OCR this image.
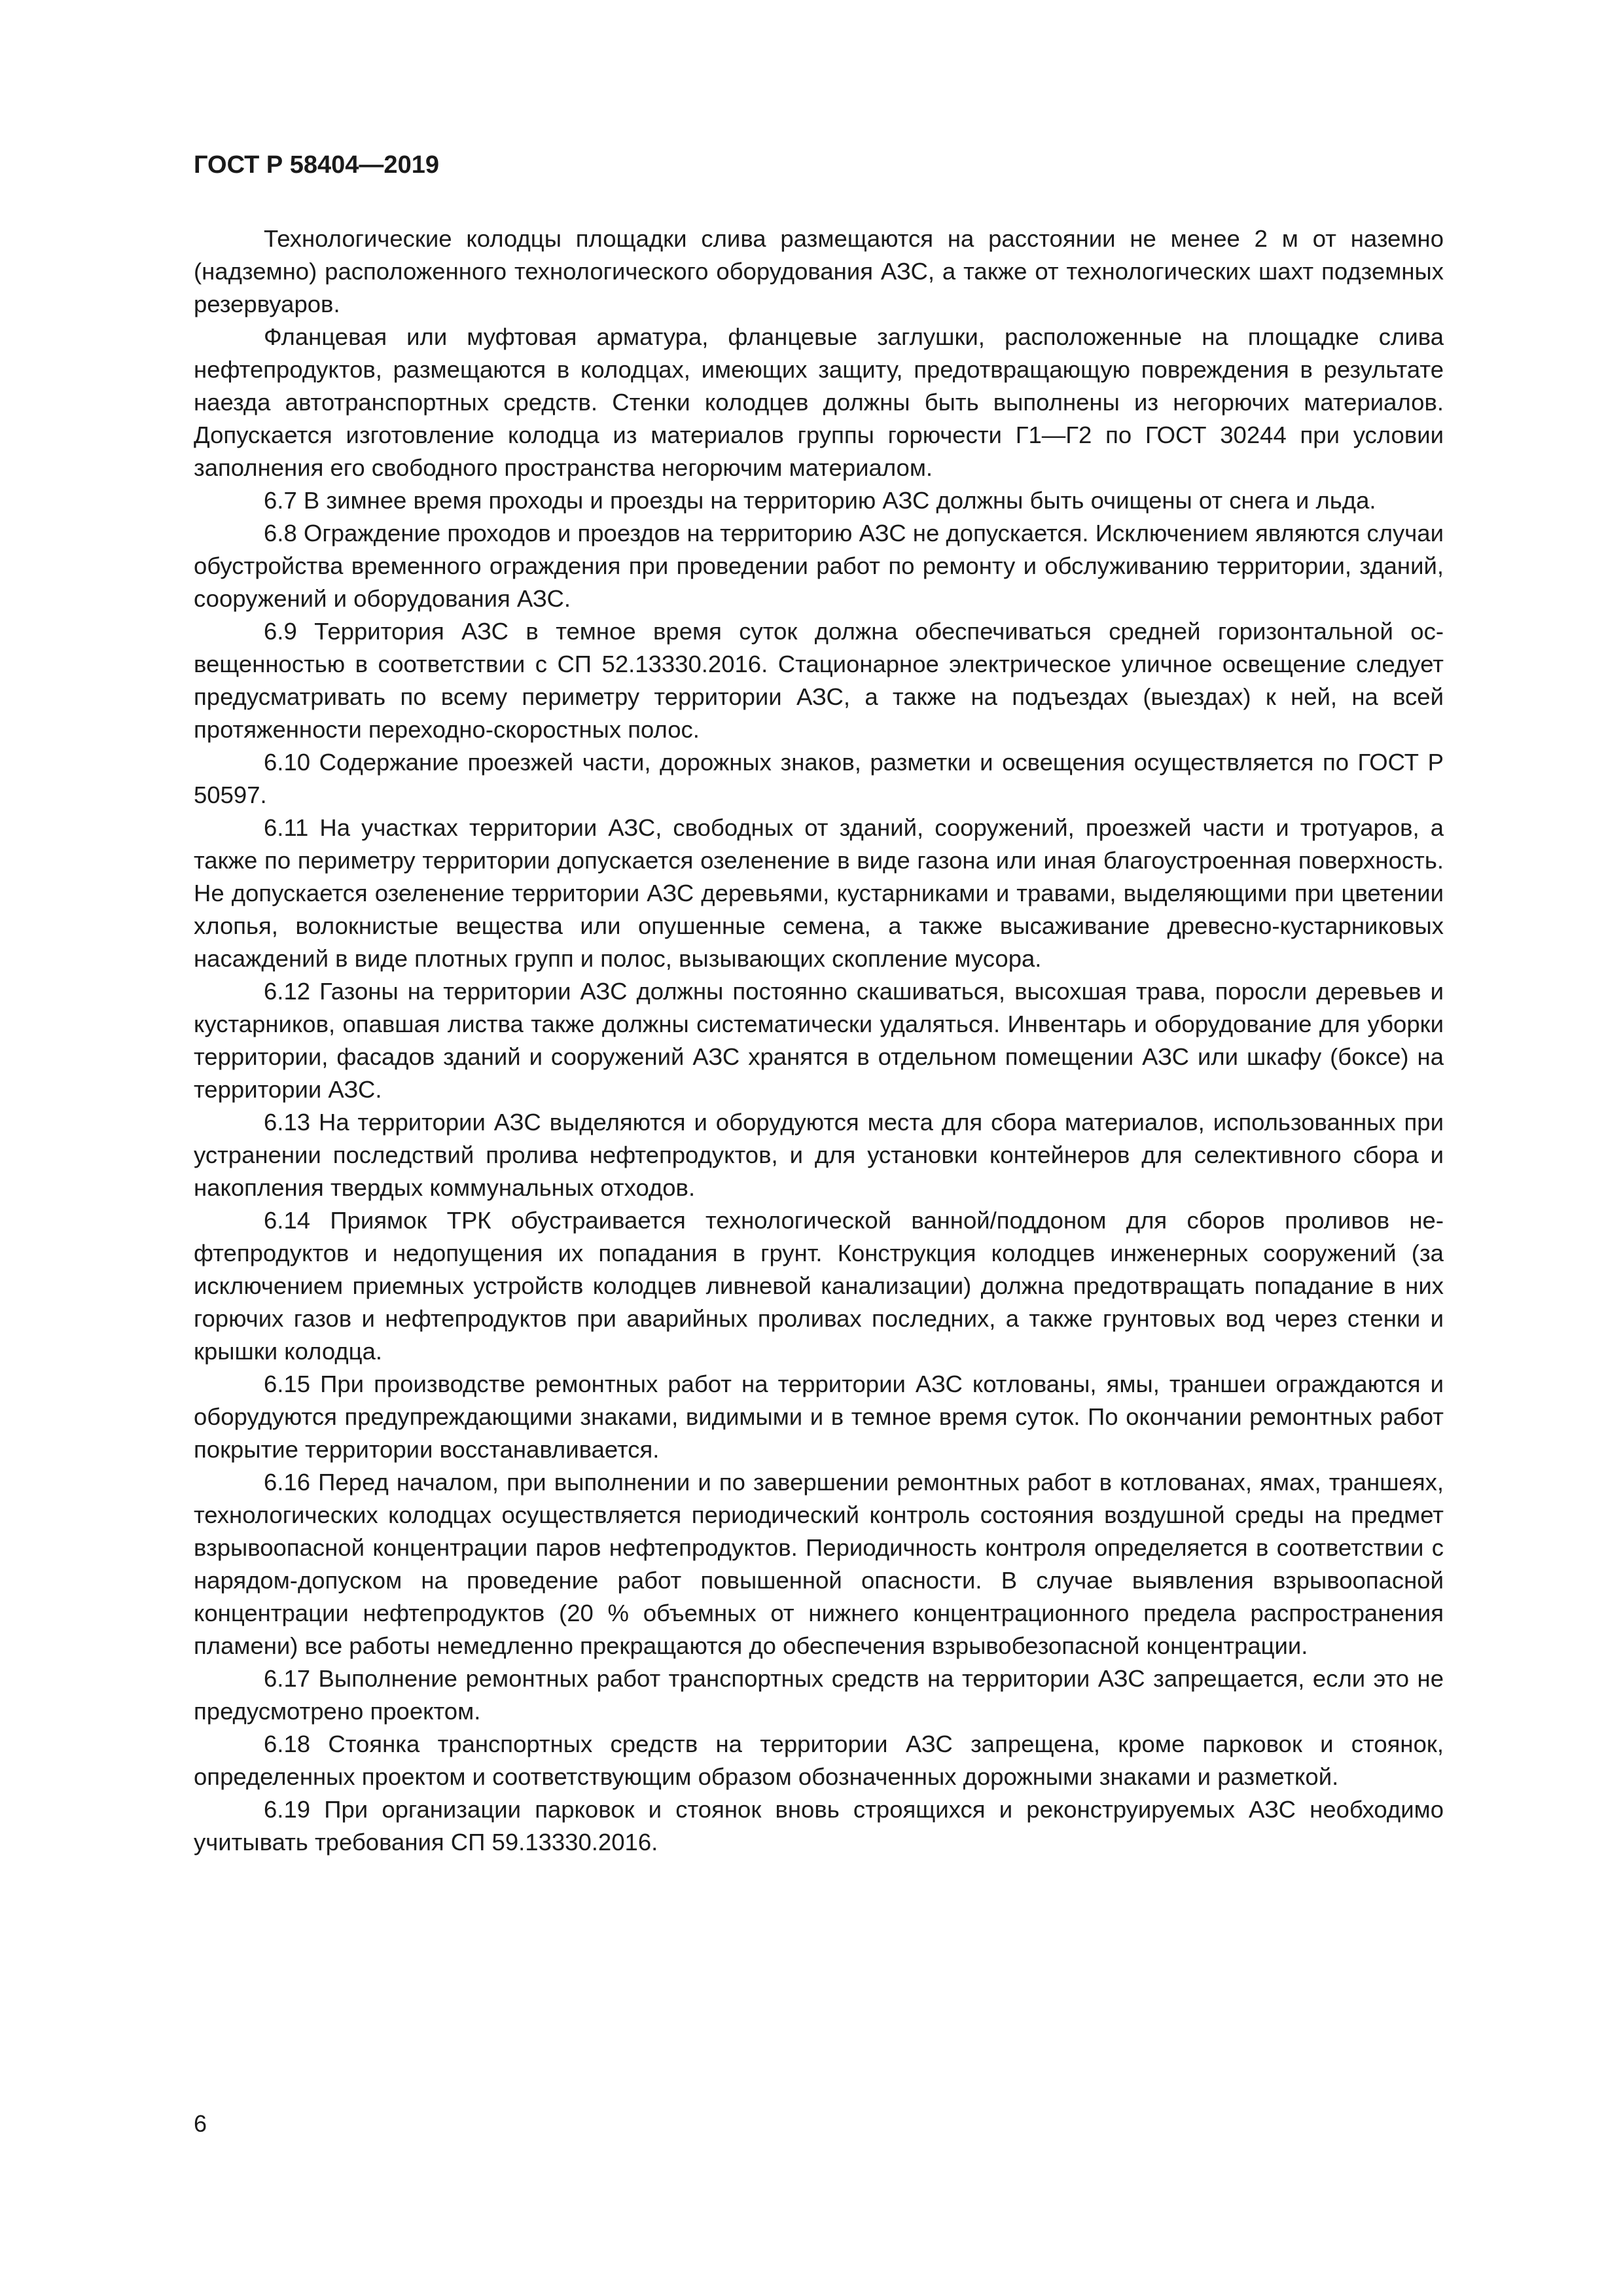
ГОСТ Р 58404—2019

Технологические колодцы площадки слива размещаются на расстоянии не менее 2 м от наземно (надземно) расположенного технологического оборудования АЗС, а также от технологических шахт подземных резервуаров.

Фланцевая или муфтовая арматура, фланцевые заглушки, расположенные на площадке слива нефтепродуктов, размещаются в колодцах, имеющих защиту, предотвращающую повреждения в результате наезда автотранспортных средств. Стенки колодцев должны быть выполнены из негорючих материалов. Допускается изготовление колодца из материалов группы горючести Г1—Г2 по ГОСТ 30244 при условии заполнения его свободного пространства негорючим материалом.

6.7 В зимнее время проходы и проезды на территорию АЗС должны быть очищены от снега и льда.

6.8 Ограждение проходов и проездов на территорию АЗС не допускается. Исключением являются случаи обустройства временного ограждения при проведении работ по ремонту и обслуживанию территории, зданий, сооружений и оборудования АЗС.

6.9 Территория АЗС в темное время суток должна обеспечиваться средней горизонтальной освещенностью в соответствии с СП 52.13330.2016. Стационарное электрическое уличное освещение следует предусматривать по всему периметру территории АЗС, а также на подъездах (выездах) к ней, на всей протяженности переходно-скоростных полос.

6.10 Содержание проезжей части, дорожных знаков, разметки и освещения осуществляется по ГОСТ Р 50597.

6.11 На участках территории АЗС, свободных от зданий, сооружений, проезжей части и тротуаров, а также по периметру территории допускается озеленение в виде газона или иная благоустроенная поверхность. Не допускается озеленение территории АЗС деревьями, кустарниками и травами, выделяющими при цветении хлопья, волокнистые вещества или опушенные семена, а также высаживание древесно-кустарниковых насаждений в виде плотных групп и полос, вызывающих скопление мусора.

6.12 Газоны на территории АЗС должны постоянно скашиваться, высохшая трава, поросли деревьев и кустарников, опавшая листва также должны систематически удаляться. Инвентарь и оборудование для уборки территории, фасадов зданий и сооружений АЗС хранятся в отдельном помещении АЗС или шкафу (боксе) на территории АЗС.

6.13 На территории АЗС выделяются и оборудуются места для сбора материалов, использованных при устранении последствий пролива нефтепродуктов, и для установки контейнеров для селективного сбора и накопления твердых коммунальных отходов.

6.14 Приямок ТРК обустраивается технологической ванной/поддоном для сборов проливов нефтепродуктов и недопущения их попадания в грунт. Конструкция колодцев инженерных сооружений (за исключением приемных устройств колодцев ливневой канализации) должна предотвращать попадание в них горючих газов и нефтепродуктов при аварийных проливах последних, а также грунтовых вод через стенки и крышки колодца.

6.15 При производстве ремонтных работ на территории АЗС котлованы, ямы, траншеи ограждаются и оборудуются предупреждающими знаками, видимыми и в темное время суток. По окончании ремонтных работ покрытие территории восстанавливается.

6.16 Перед началом, при выполнении и по завершении ремонтных работ в котлованах, ямах, траншеях, технологических колодцах осуществляется периодический контроль состояния воздушной среды на предмет взрывоопасной концентрации паров нефтепродуктов. Периодичность контроля определяется в соответствии с нарядом-допуском на проведение работ повышенной опасности. В случае выявления взрывоопасной концентрации нефтепродуктов (20 % объемных от нижнего концентрационного предела распространения пламени) все работы немедленно прекращаются до обеспечения взрывобезопасной концентрации.

6.17 Выполнение ремонтных работ транспортных средств на территории АЗС запрещается, если это не предусмотрено проектом.

6.18 Стоянка транспортных средств на территории АЗС запрещена, кроме парковок и стоянок, определенных проектом и соответствующим образом обозначенных дорожными знаками и разметкой.

6.19 При организации парковок и стоянок вновь строящихся и реконструируемых АЗС необходимо учитывать требования СП 59.13330.2016.

6
